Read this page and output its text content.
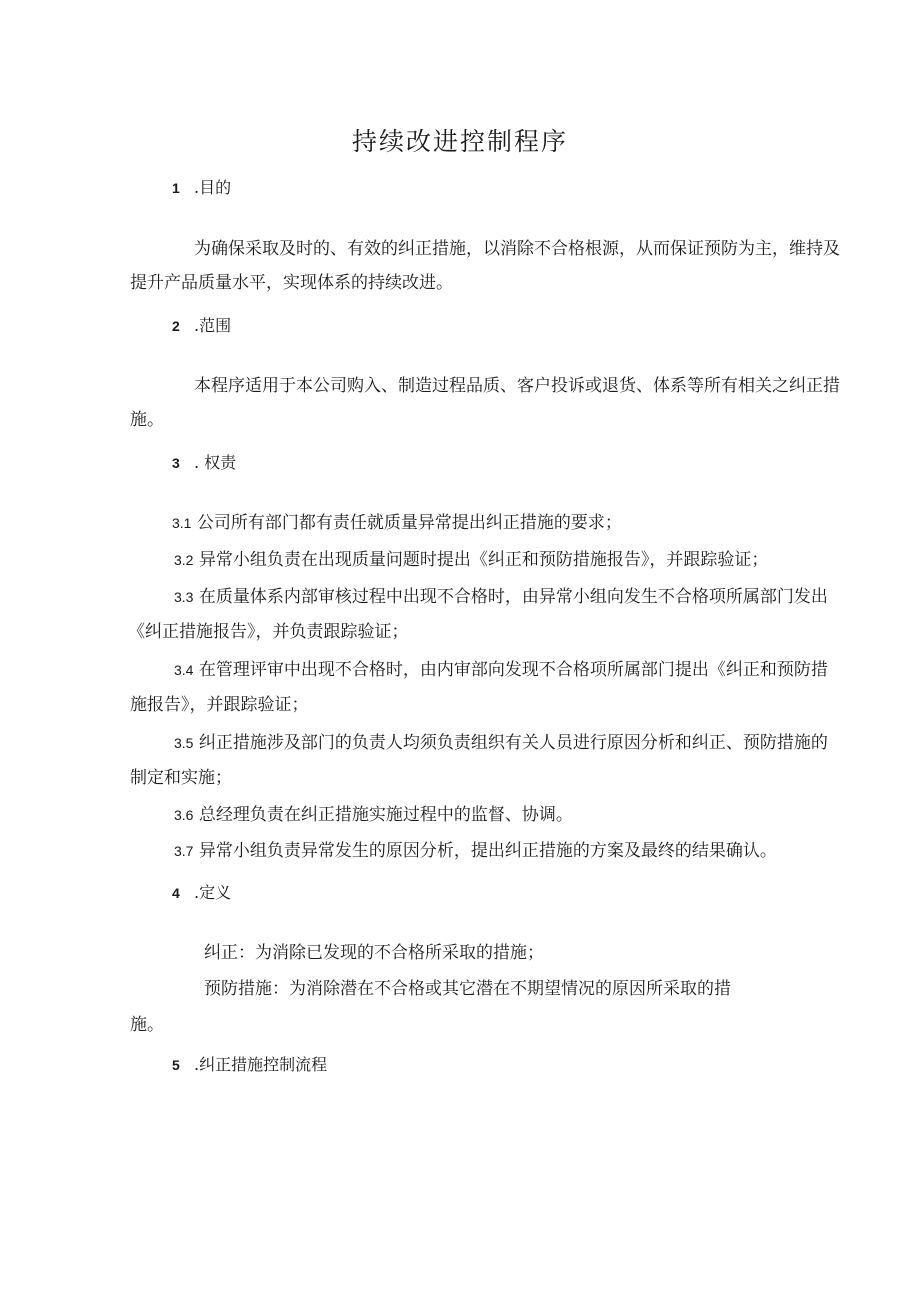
持续改进控制程序
1 .目的
为确保采取及时的、有效的纠正措施，以消除不合格根源，从而保证预防为主，维持及
提升产品质量水平，实现体系的持续改进。
2 .范围
本程序适用于本公司购入、制造过程品质、客户投诉或退货、体系等所有相关之纠正措
施。
3 . 权责
3.1 公司所有部门都有责任就质量异常提出纠正措施的要求；
3.2 异常小组负责在出现质量问题时提出《纠正和预防措施报告》，并跟踪验证；
3.3 在质量体系内部审核过程中出现不合格时，由异常小组向发生不合格项所属部门发出
《纠正措施报告》，并负责跟踪验证；
3.4 在管理评审中出现不合格时，由内审部向发现不合格项所属部门提出《纠正和预防措
施报告》，并跟踪验证；
3.5 纠正措施涉及部门的负责人均须负责组织有关人员进行原因分析和纠正、预防措施的
制定和实施；
3.6 总经理负责在纠正措施实施过程中的监督、协调。
3.7 异常小组负责异常发生的原因分析，提出纠正措施的方案及最终的结果确认。
4 .定义
纠正：为消除已发现的不合格所采取的措施；
预防措施：为消除潜在不合格或其它潜在不期望情况的原因所采取的措
施。
5 .纠正措施控制流程
